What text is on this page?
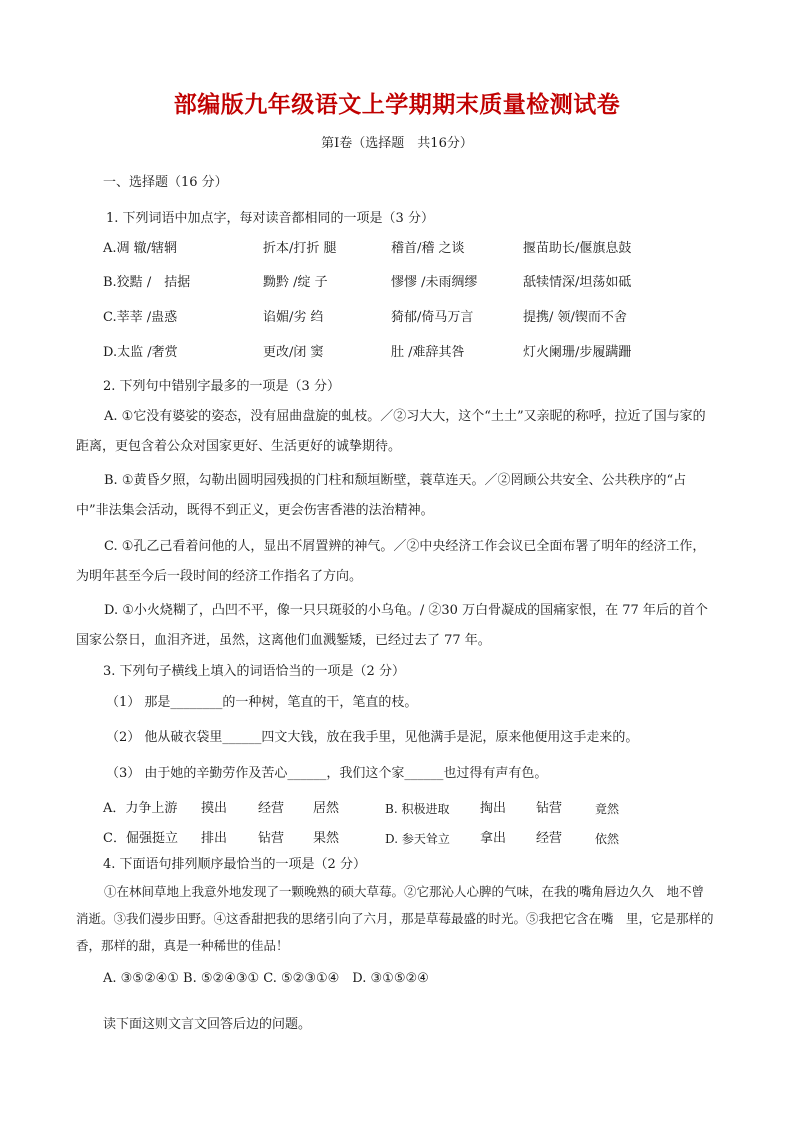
部编版九年级语文上学期期末质量检测试卷
第Ⅰ卷（选择题　共16分）
一、选择题（16 分）
1. 下列词语中加点字，每对读音都相同的一项是（3 分）
A.凋 辙/辖辋	折本/打折 腿	稽首/稽 之谈	揠苗助长/偃旗息鼓
B.狡黠 /　拮据	黝黔 /绽 子	憀憀 /未雨绸缪	舐犊情深/坦荡如砥
C.莘莘 /蛊惑	谄媚/劣 绉	猗郁/倚马万言	提携/ 领/锲而不舍
D.太监 /奢赏	更改/闭 窦	肚 /难辞其咎	灯火阑珊/步履蹒跚
2. 下列句中错别字最多的一项是（3 分）
A. ①它没有婆娑的姿态，没有屈曲盘旋的虬枝。／②习大大，这个“土土”又亲昵的称呼，拉近了国与家的距离，更包含着公众对国家更好、生活更好的诚挚期待。
B. ①黄昏夕照，勾勒出圆明园残损的门柱和颓垣断壁，蓑草连天。／②罔顾公共安全、公共秩序的“占中”非法集会活动，既得不到正义，更会伤害香港的法治精神。
C. ①孔乙己看着问他的人，显出不屑置辨的神气。／②中央经济工作会议已全面布署了明年的经济工作，为明年甚至今后一段时间的经济工作指名了方向。
D. ①小火烧糊了，凸凹不平，像一只只斑驳的小乌龟。/ ②30 万白骨凝成的国痛家恨，在 77 年后的首个国家公祭日，血泪齐迸，虽然，这离他们血溅錾矮，已经过去了 77 年。
3. 下列句子横线上填入的词语恰当的一项是（2 分）
（1） 那是________的一种树，笔直的干，笔直的枝。
（2） 他从破衣袋里______四文大钱，放在我手里，见他满手是泥，原来他便用这手走来的。
（3） 由于她的辛勤劳作及苦心______，我们这个家______也过得有声有色。
A．力争上游 摸出 经营 居然	B. 积极进取 掏出 钻营	竟然
C．倔强挺立 排出 钻营 果然	D. 参天耸立 拿出 经营	依然
4. 下面语句排列顺序最恰当的一项是（2 分）
①在林间草地上我意外地发现了一颗晚熟的硕大草莓。②它那沁人心脾的气味，在我的嘴角唇边久久　地不曾消逝。③我们漫步田野。④这香甜把我的思绪引向了六月，那是草莓最盛的时光。⑤我把它含在嘴　里，它是那样的香，那样的甜，真是一种稀世的佳品！
A. ③⑤②④① B. ⑤②④③① C. ⑤②③①④　D. ③①⑤②④
读下面这则文言文回答后边的问题。
